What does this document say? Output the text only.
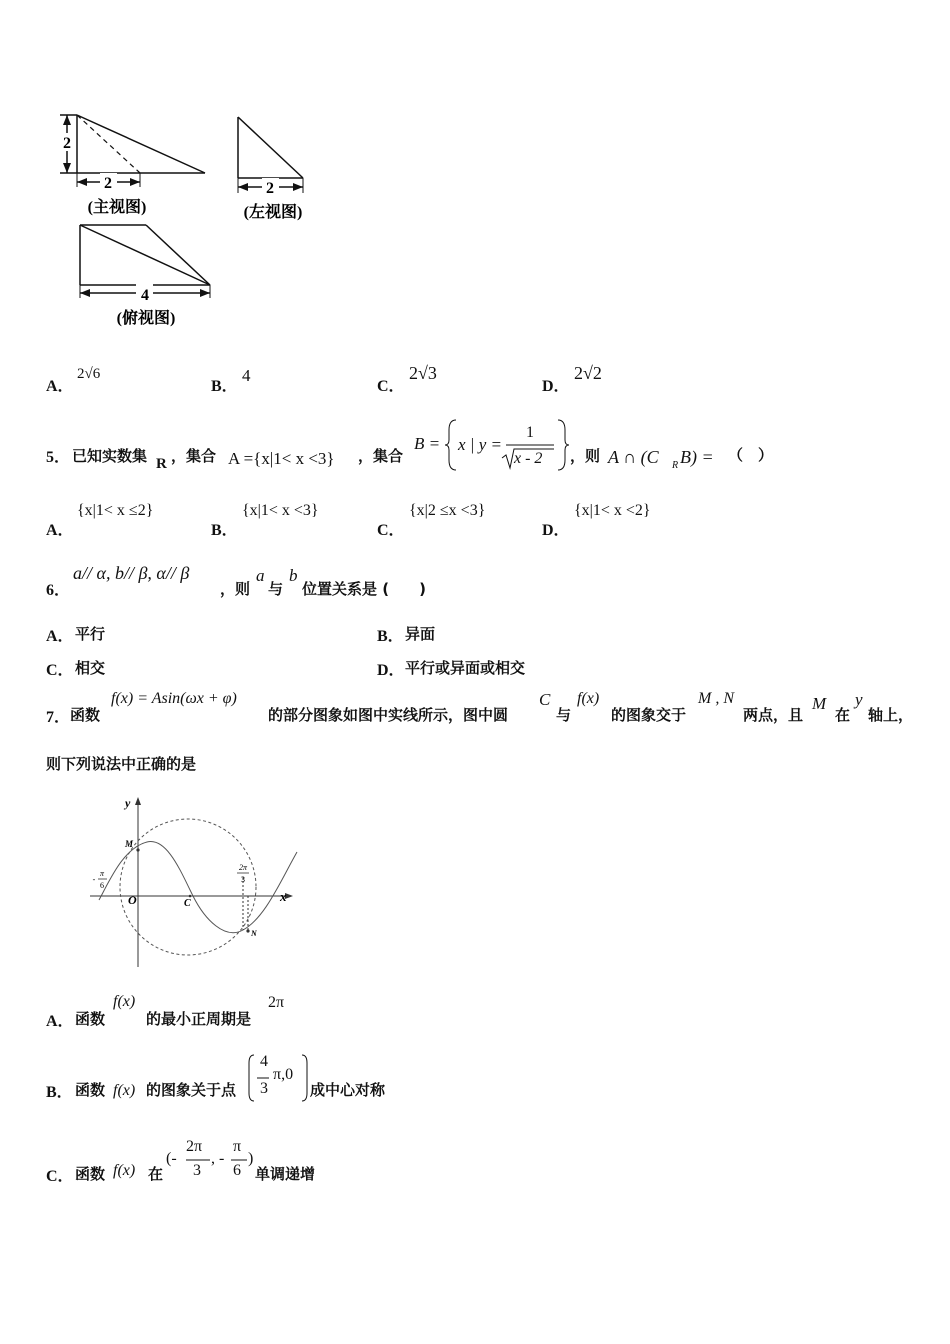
2
2
(主视图)
2
(左视图)
4
(俯视图)
A．
2√6
B．
4
C．
2√3
D．
2√2
5． 已知实数集 R ，集合 A ={x|1< x <3} ，集合
B = x | y =
1
x - 2 ，则 A ∩ (C R B) = （　）
A．
{x|1< x ≤2}
B．
{x|1< x <3}
C．
{x|2 ≤x <3}
D．
{x|1< x <2}
6．
a// α, b// β, α// β
，则
a
与
b
位置关系是 (　　)
A． 平行	B． 异面
C． 相交	D． 平行或异面或相交
7． 函数
f(x) = Asin(ωx + φ)
的部分图象如图中实线所示，图中圆
C
与
f(x)
的图象交于
M , N
两点，且
M
在
y
轴上，
则下列说法中正确的是
y
x
O
M
N
C
π
-
6
2π
3
A． 函数
f(x)
的最小正周期是
2π
B． 函数 f(x) 的图象关于点
4
3
π,0
成中心对称
C． 函数 f(x) 在
(-
2π
3
, -
π
6
)
单调递增
